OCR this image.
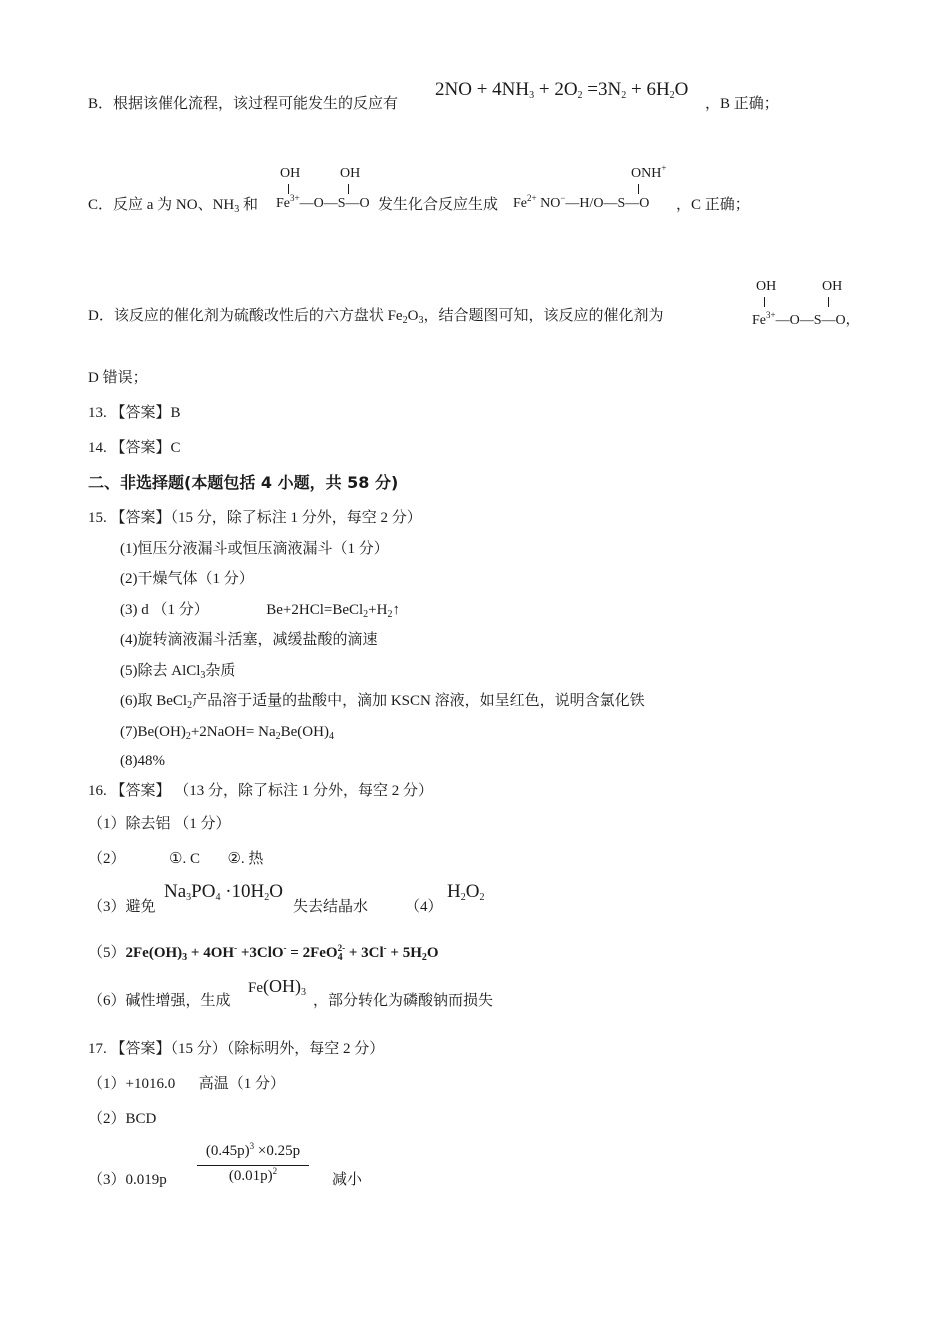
B．根据该催化流程，该过程可能发生的反应有
$2NO + 4NH_3 + 2O_2 =3N_2 + 6H_2O$
，B 正确；
C．反应 a 为 NO、$NH_3$ 和
OH	OH
$Fe^{3+}—O—S—O$ 发生化合反应生成
ONH+
$Fe^{2+}$ NO−—H/O—S—O ，C 正确；
D．该反应的催化剂为硫酸改性后的六方盘状 $Fe_2O_3$，结合题图可知，该反应的催化剂为
OH	OH
$Fe^{3+}—O—S—O$，
D 错误；
13. 【答案】B
14. 【答案】C
二、非选择题(本题包括 4 小题，共 58 分)
15. 【答案】（15 分，除了标注 1 分外，每空 2 分）
(1)恒压分液漏斗或恒压滴液漏斗（1 分）
(2)干燥气体（1 分）
(3) d （1 分）	$Be+2HCl=BeCl_2+H_2↑$
(4)旋转滴液漏斗活塞，减缓盐酸的滴速
(5)除去 AlCl$_3$杂质
(6)取 BeCl$_2$产品溶于适量的盐酸中，滴加 KSCN 溶液，如呈红色，说明含氯化铁
$(7)Be(OH)_2+2NaOH= Na_2Be(OH)_4$
(8)48%
16. 【答案】 （13 分，除了标注 1 分外，每空 2 分）
（1）除去铝 （1 分）
（2）	①. C ②. 热
（3）避免
$Na_3PO_4 \cdot 10H_2O$
失去结晶水 （4）
$H_2O_2$
$(5)2Fe(OH)_3 + 4OH^- +3ClO^- = 2FeO_4^{2-} + 3Cl^- + 5H_2O$
（6）碱性增强，生成
$Fe(OH)_3$
，部分转化为磷酸钠而损失
17. 【答案】（15 分）（除标明外，每空 2 分）
（1）+1016.0 高温（1 分）
（2）BCD
（3）0.019p
$(0.45p)^3 \times 0.25p$
$(0.01p)^2$
减小
